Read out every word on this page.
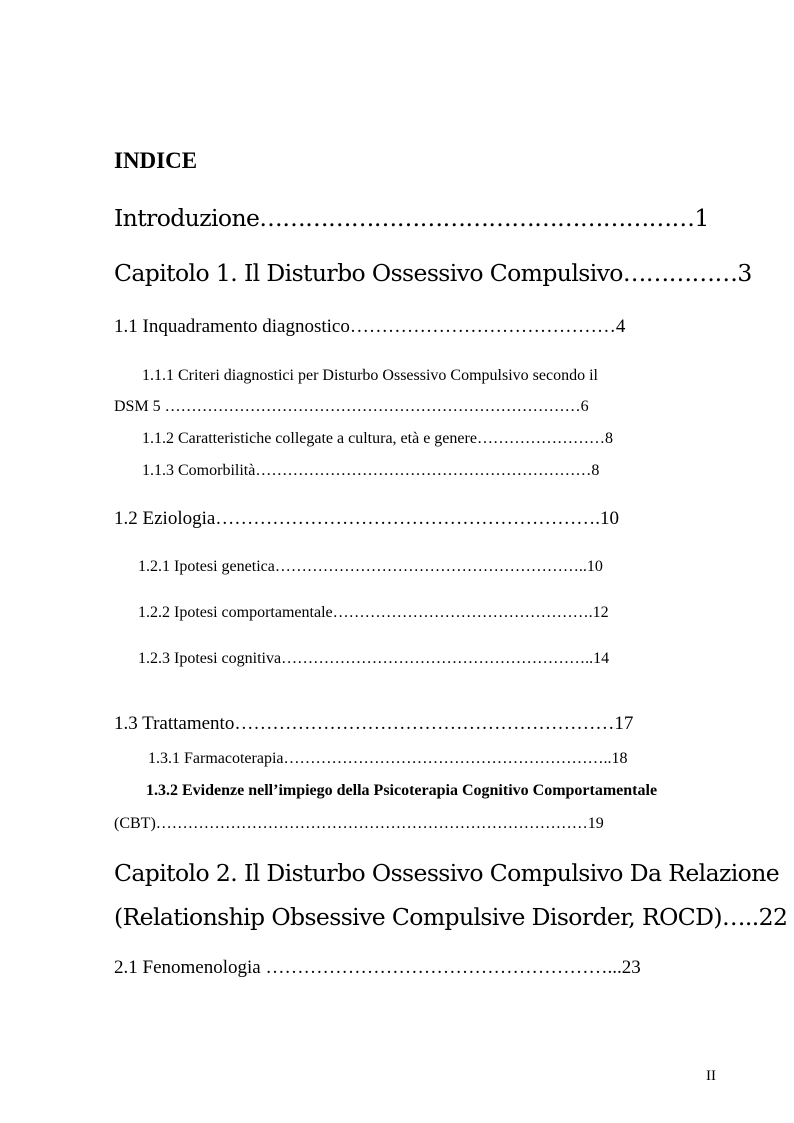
INDICE
Introduzione…………………………………………………1
Capitolo 1. Il Disturbo Ossessivo Compulsivo……………3
1.1 Inquadramento diagnostico……………………………………4
1.1.1 Criteri diagnostici per Disturbo Ossessivo Compulsivo secondo il
DSM 5 ……………………………………………………………………6
1.1.2 Caratteristiche collegate a cultura, età e genere……………………8
1.1.3 Comorbilità………………………………………………………8
1.2 Eziologia…………………………………………………….10
1.2.1 Ipotesi genetica…………………………………………………..10
1.2.2 Ipotesi comportamentale………………………………………….12
1.2.3 Ipotesi cognitiva…………………………………………………..14
1.3 Trattamento……………………………………………………17
1.3.1 Farmacoterapia……………………………………………………..18
1.3.2 Evidenze nell’impiego della Psicoterapia Cognitivo Comportamentale
(CBT)………………………………………………………………………19
Capitolo 2. Il Disturbo Ossessivo Compulsivo Da Relazione
(Relationship Obsessive Compulsive Disorder, ROCD)…..22
2.1 Fenomenologia ………………………………………………...23
II
